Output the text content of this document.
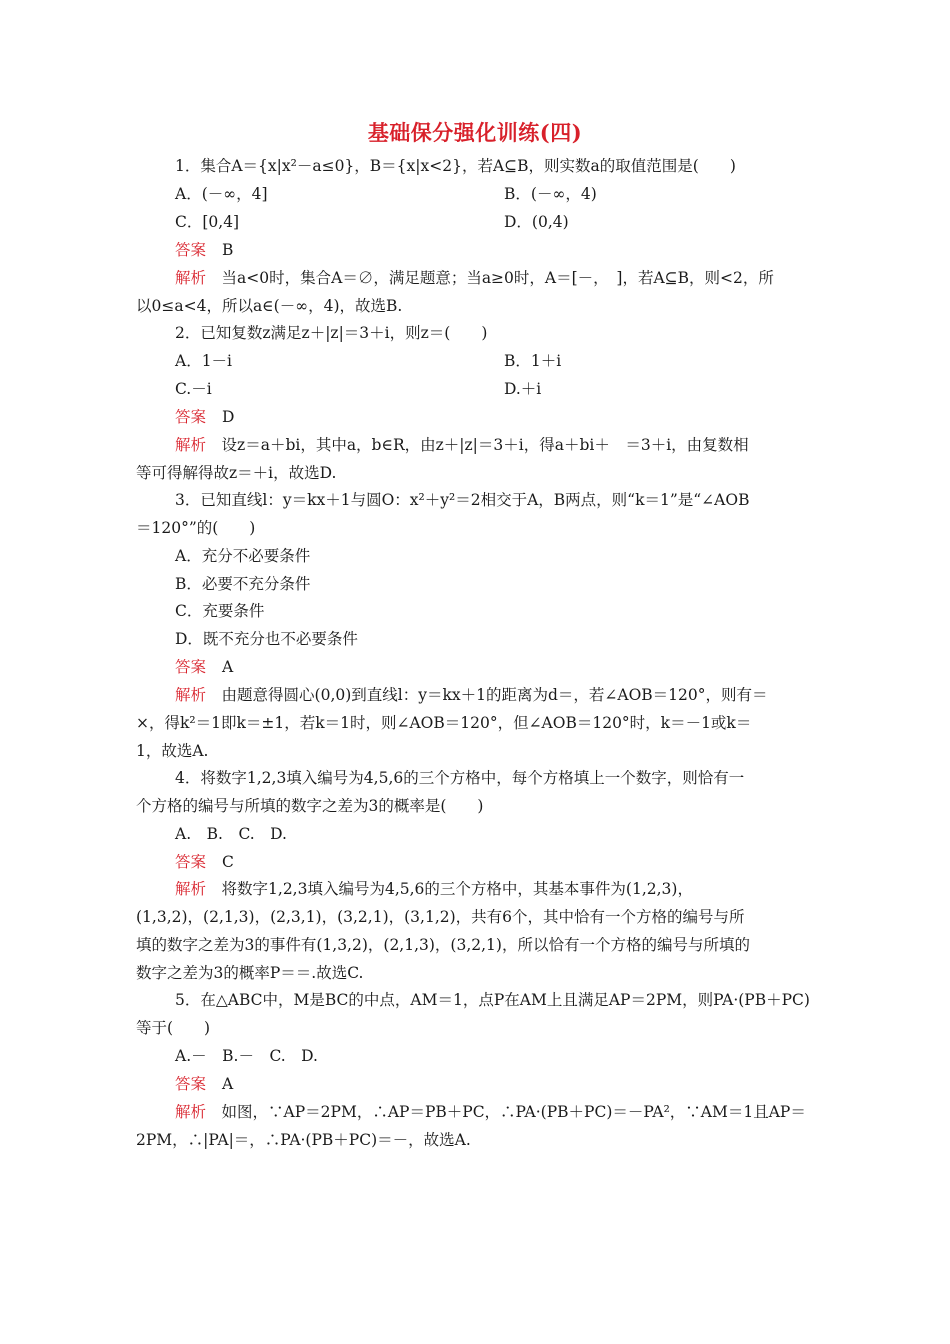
基础保分强化训练(四)
1．集合A＝{x|x²－a≤0}，B＝{x|x<2}，若A⊆B，则实数a的取值范围是(　　)
A．(－∞，4]	B．(－∞，4)
C．[0,4]	D．(0,4)
答案 B
解析　 当a<0时，集合A＝∅，满足题意；当a≥0时，A＝[－，　]，若A⊆B，则<2，所
以0≤a<4，所以a∈(－∞，4)，故选B.
2．已知复数z满足z＋|z|＝3＋i，则z＝(　　)
A．1－i	B．1＋i
C.－i	D.＋i
答案 D
解析　 设z＝a＋bi，其中a，b∈R，由z＋|z|＝3＋i，得a＋bi＋　＝3＋i，由复数相
等可得解得故z＝＋i，故选D.
3．已知直线l：y＝kx＋1与圆O：x²＋y²＝2相交于A，B两点，则“k＝1”是“∠AOB
＝120°”的(　　)
A．充分不必要条件
B．必要不充分条件
C．充要条件
D．既不充分也不必要条件
答案 A
解析　 由题意得圆心(0,0)到直线l：y＝kx＋1的距离为d＝，若∠AOB＝120°，则有＝
×，得k²＝1即k＝±1，若k＝1时，则∠AOB＝120°，但∠AOB＝120°时，k＝－1或k＝
1，故选A.
4．将数字1,2,3填入编号为4,5,6的三个方格中，每个方格填上一个数字，则恰有一
个方格的编号与所填的数字之差为3的概率是(　　)
A.　B.　C.　D.
答案 C
解析　 将数字1,2,3填入编号为4,5,6的三个方格中，其基本事件为(1,2,3)，
(1,3,2)，(2,1,3)，(2,3,1)，(3,2,1)，(3,1,2)，共有6个，其中恰有一个方格的编号与所
填的数字之差为3的事件有(1,3,2)，(2,1,3)，(3,2,1)，所以恰有一个方格的编号与所填的
数字之差为3的概率P＝＝.故选C.
5．在△ABC中，M是BC的中点，AM＝1，点P在AM上且满足AP＝2PM，则PA·(PB＋PC)
等于(　　)
A.－　B.－　C.　D.
答案 A
解析　 如图，∵AP＝2PM，∴AP＝PB＋PC，∴PA·(PB＋PC)＝－PA²，∵AM＝1且AP＝
2PM，∴|PA|＝，∴PA·(PB＋PC)＝－，故选A.
